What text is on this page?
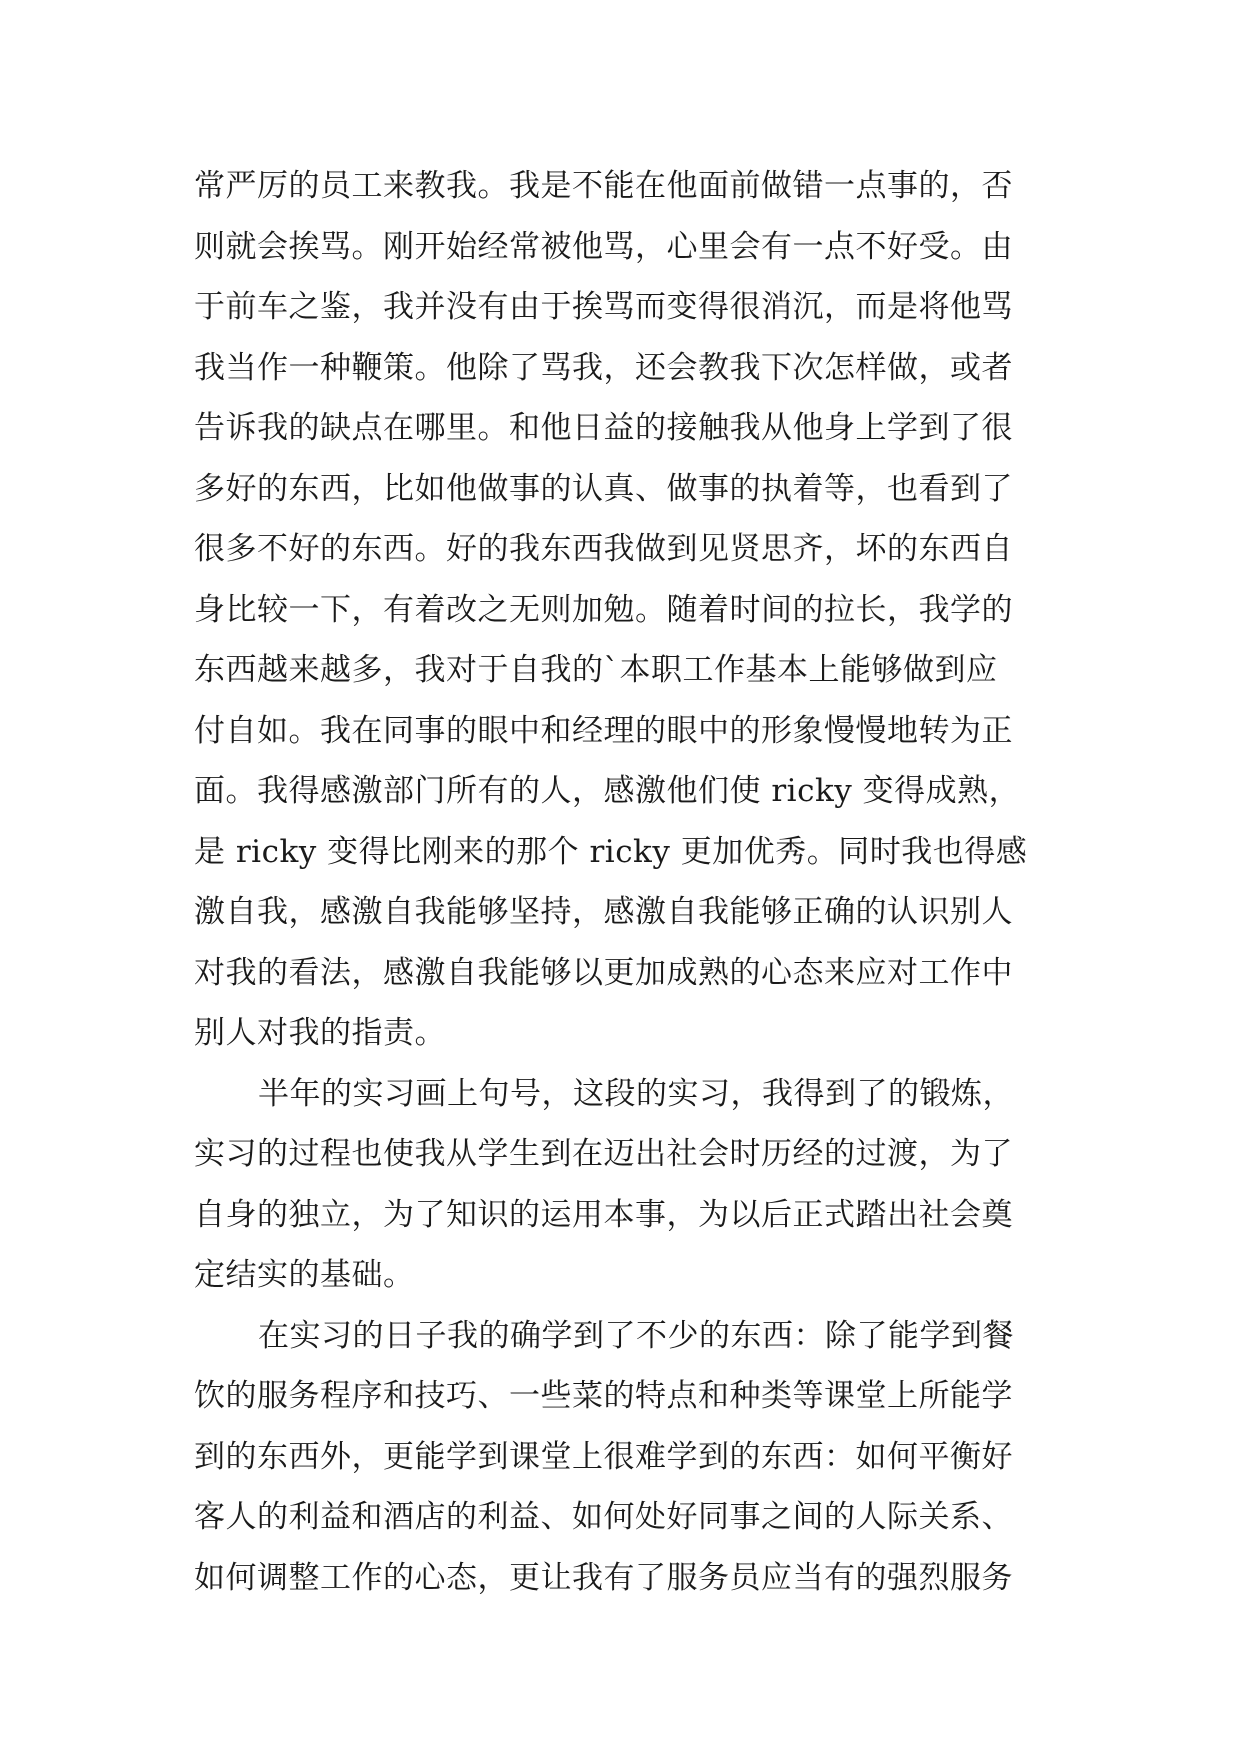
常严厉的员工来教我。我是不能在他面前做错一点事的，否
则就会挨骂。刚开始经常被他骂，心里会有一点不好受。由
于前车之鉴，我并没有由于挨骂而变得很消沉，而是将他骂
我当作一种鞭策。他除了骂我，还会教我下次怎样做，或者
告诉我的缺点在哪里。和他日益的接触我从他身上学到了很
多好的东西，比如他做事的认真、做事的执着等，也看到了
很多不好的东西。好的我东西我做到见贤思齐，坏的东西自
身比较一下，有着改之无则加勉。随着时间的拉长，我学的
东西越来越多，我对于自我的`本职工作基本上能够做到应
付自如。我在同事的眼中和经理的眼中的形象慢慢地转为正
面。我得感激部门所有的人，感激他们使 ricky 变得成熟，
是 ricky 变得比刚来的那个 ricky 更加优秀。同时我也得感
激自我，感激自我能够坚持，感激自我能够正确的认识别人
对我的看法，感激自我能够以更加成熟的心态来应对工作中
别人对我的指责。
半年的实习画上句号，这段的实习，我得到了的锻炼，
实习的过程也使我从学生到在迈出社会时历经的过渡，为了
自身的独立，为了知识的运用本事，为以后正式踏出社会奠
定结实的基础。
在实习的日子我的确学到了不少的东西：除了能学到餐
饮的服务程序和技巧、一些菜的特点和种类等课堂上所能学
到的东西外，更能学到课堂上很难学到的东西：如何平衡好
客人的利益和酒店的利益、如何处好同事之间的人际关系、
如何调整工作的心态，更让我有了服务员应当有的强烈服务
